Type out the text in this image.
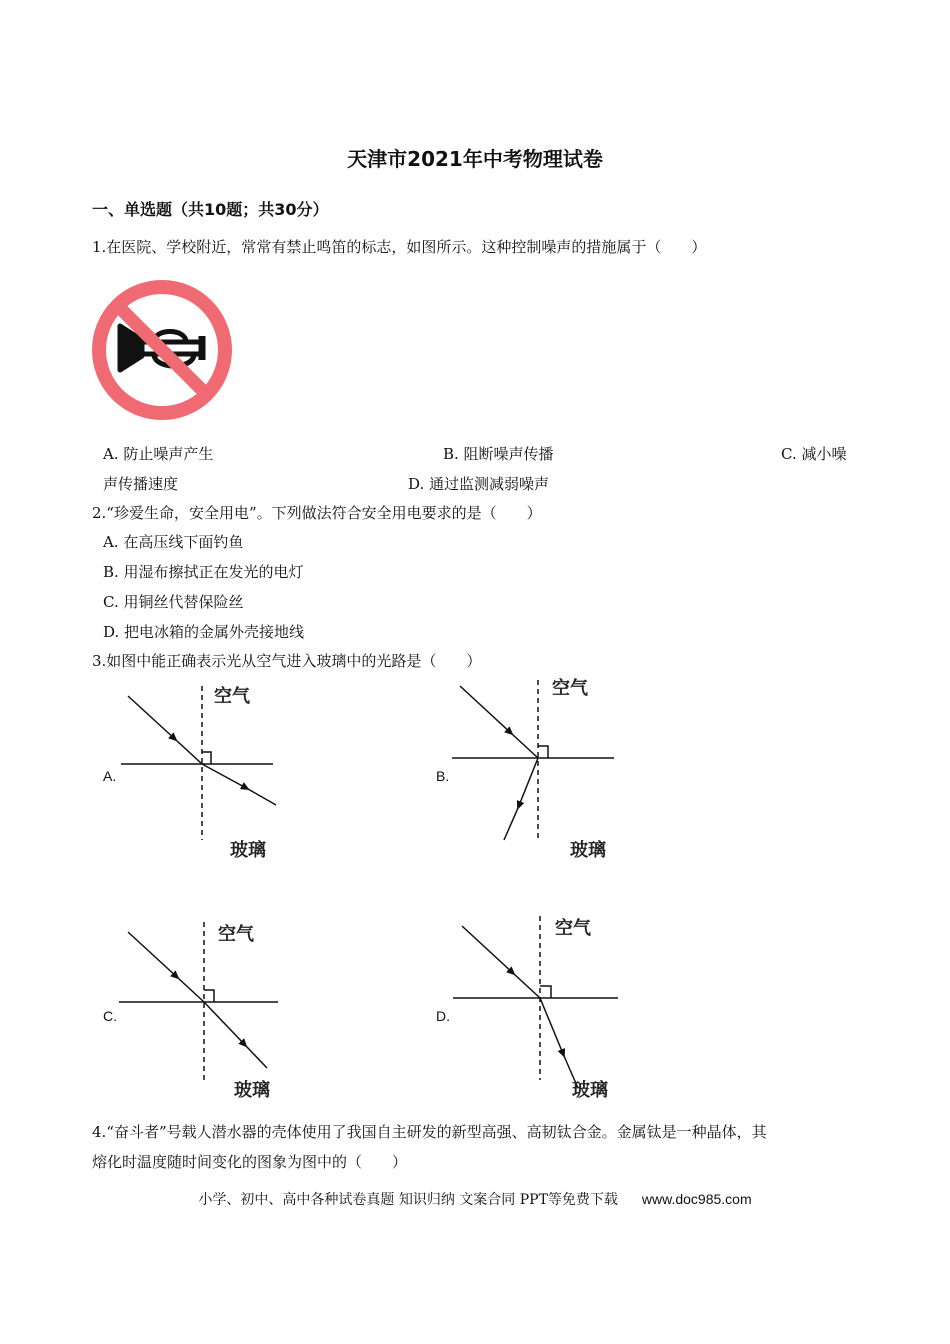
天津市2021年中考物理试卷
一、单选题（共10题；共30分）
1.在医院、学校附近，常常有禁止鸣笛的标志，如图所示。这种控制噪声的措施属于（　　）
A. 防止噪声产生	B. 阻断噪声传播	C. 减小噪
声传播速度	D. 通过监测减弱噪声
2.“珍爱生命，安全用电”。下列做法符合安全用电要求的是（　　）
A. 在高压线下面钓鱼
B. 用湿布擦拭正在发光的电灯
C. 用铜丝代替保险丝
D. 把电冰箱的金属外壳接地线
3.如图中能正确表示光从空气进入玻璃中的光路是（　　）
空气
玻璃
空气
玻璃
空气
玻璃
空气
玻璃
A.	B.
C.	D.
4.“奋斗者”号载人潜水器的壳体使用了我国自主研发的新型高强、高韧钛合金。金属钛是一种晶体，其
熔化时温度随时间变化的图象为图中的（　　）
小学、初中、高中各种试卷真题 知识归纳 文案合同 PPT等免费下载 www.doc985.com
